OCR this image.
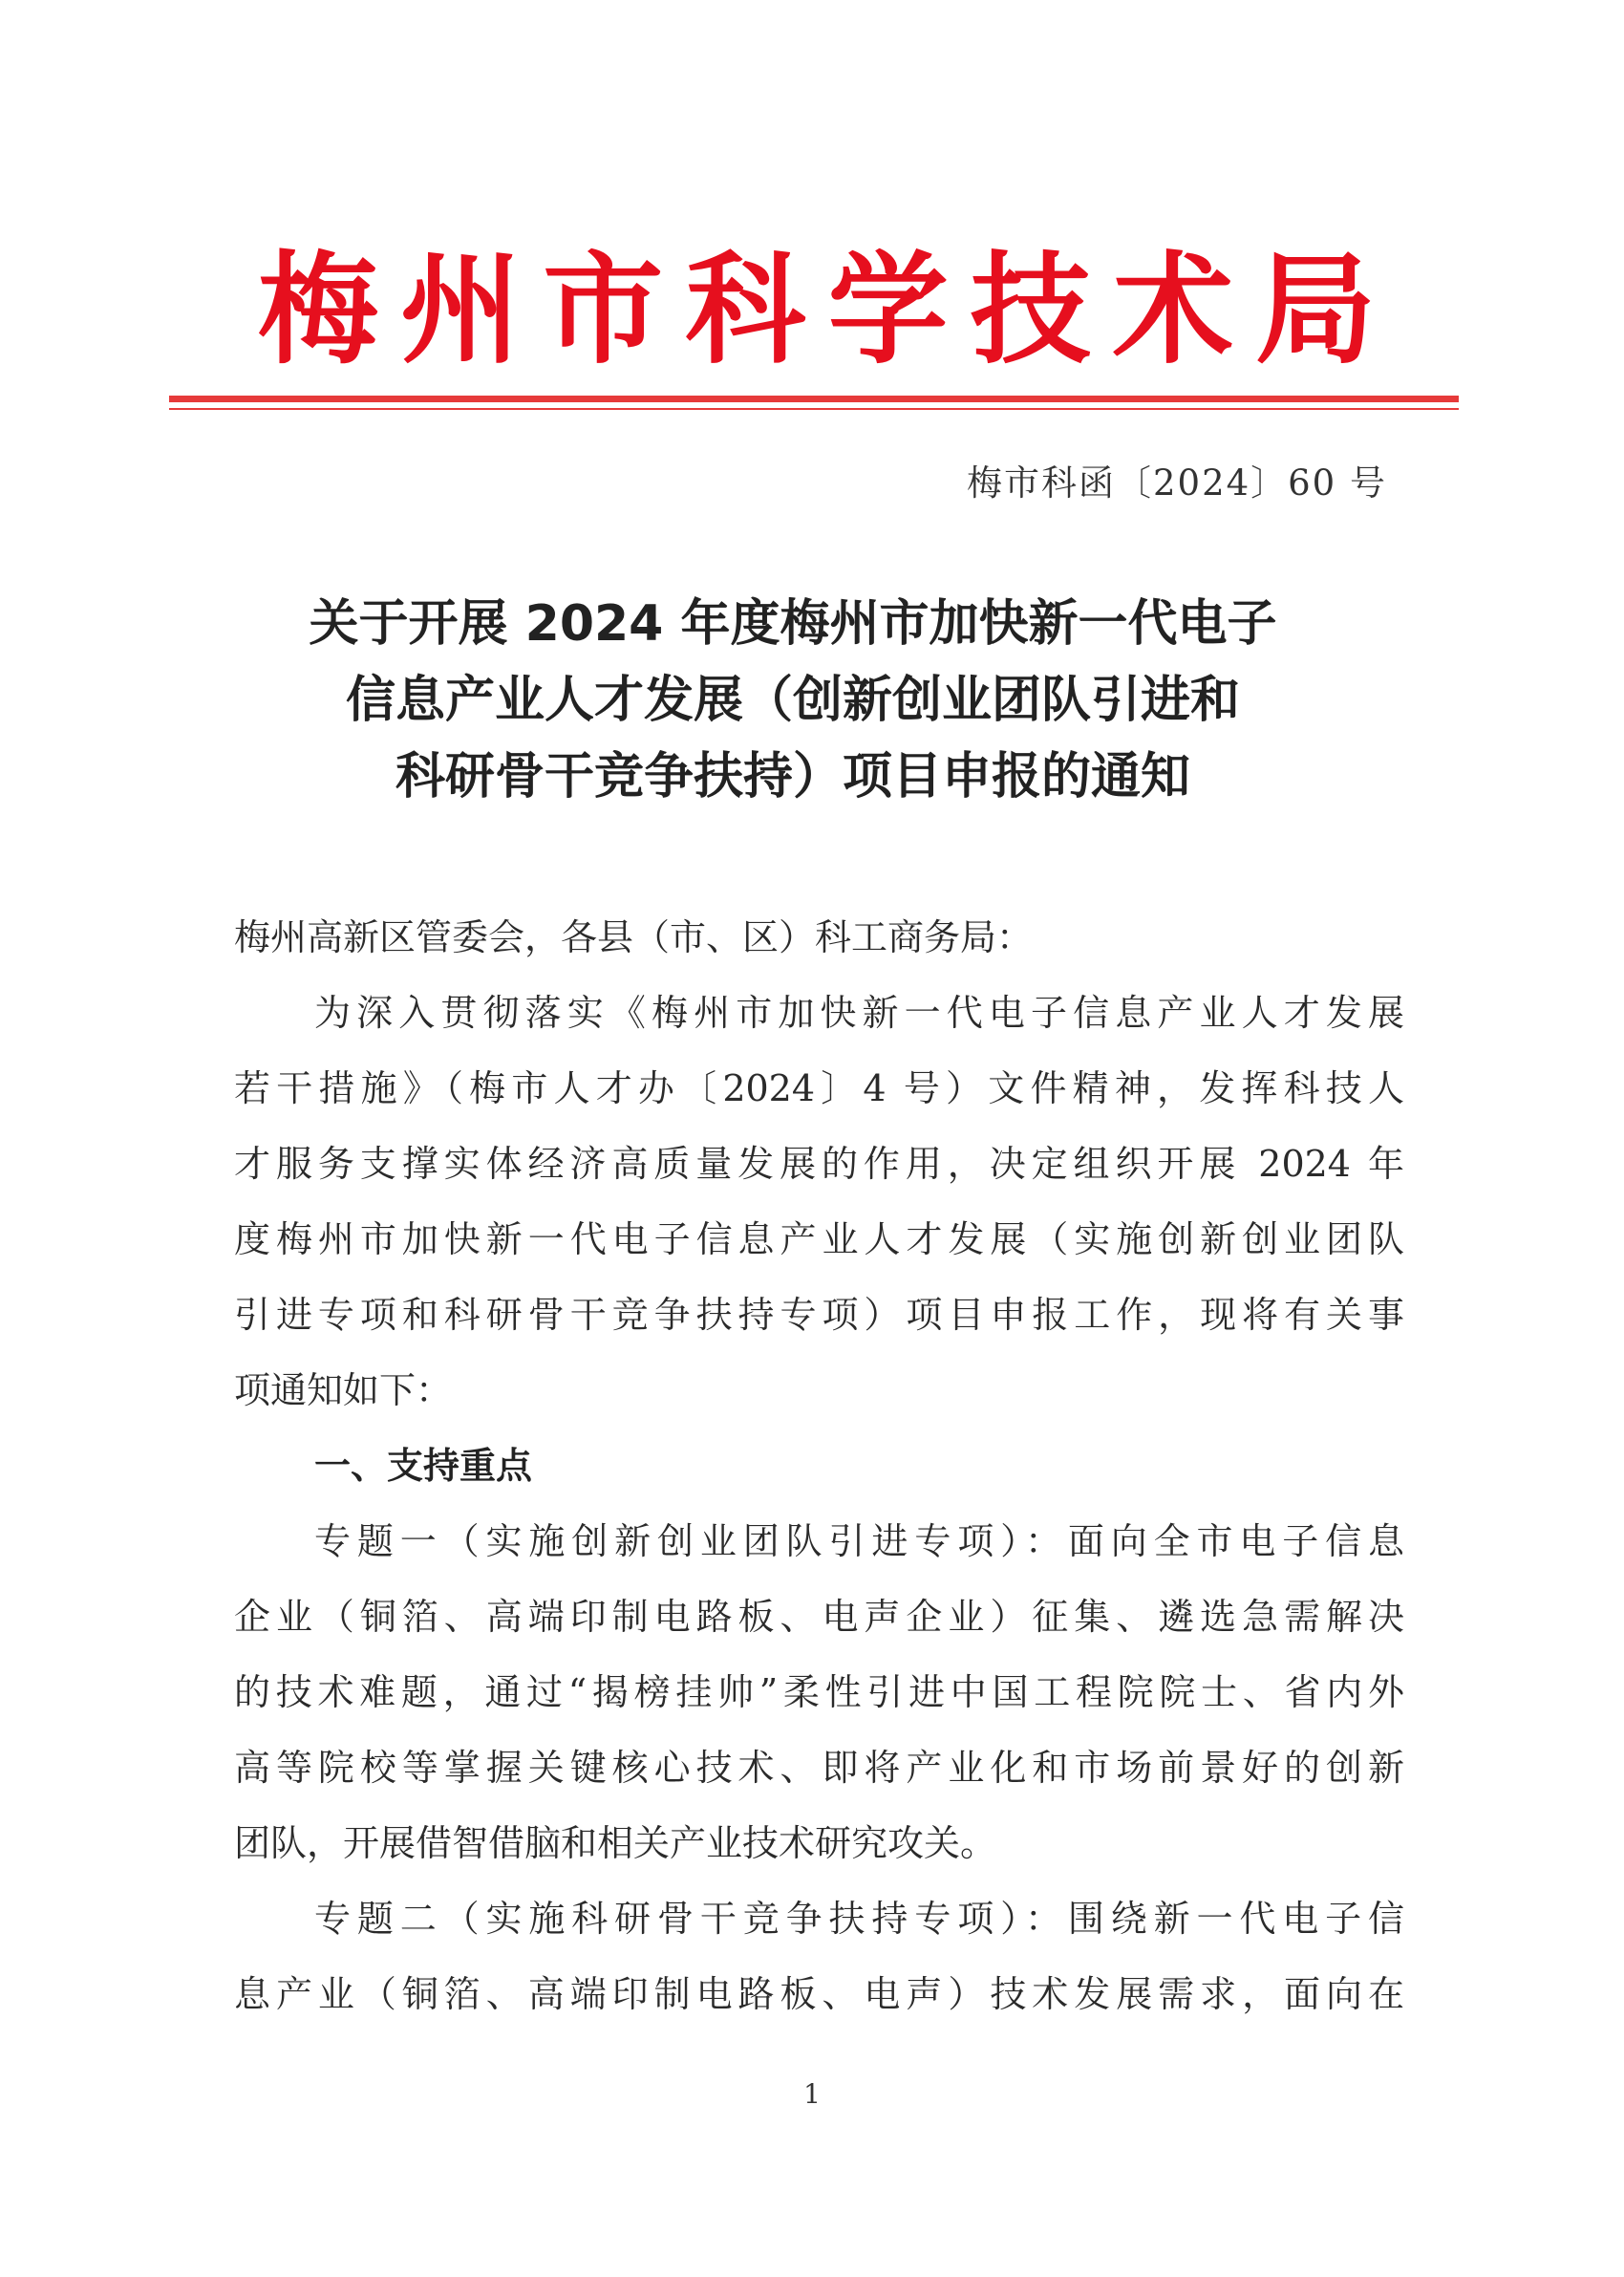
梅 州 市 科 学 技 术 局
梅市科函〔2024〕60 号
关于开展 2024 年度梅州市加快新一代电子
信息产业人才发展（创新创业团队引进和
科研骨干竞争扶持）项目申报的通知
梅州高新区管委会，各县（市、区）科工商务局：
为深入贯彻落实《梅州市加快新一代电子信息产业人才发展
若干措施》（梅市人才办〔2024〕4 号）文件精神，发挥科技人
才服务支撑实体经济高质量发展的作用，决定组织开展 2024 年
度梅州市加快新一代电子信息产业人才发展（实施创新创业团队
引进专项和科研骨干竞争扶持专项）项目申报工作，现将有关事
项通知如下：
一、支持重点
专题一（实施创新创业团队引进专项）：面向全市电子信息
企业（铜箔、高端印制电路板、电声企业）征集、遴选急需解决
的技术难题，通过“揭榜挂帅”柔性引进中国工程院院士、省内外
高等院校等掌握关键核心技术、即将产业化和市场前景好的创新
团队，开展借智借脑和相关产业技术研究攻关。
专题二（实施科研骨干竞争扶持专项）：围绕新一代电子信
息产业（铜箔、高端印制电路板、电声）技术发展需求，面向在
1
